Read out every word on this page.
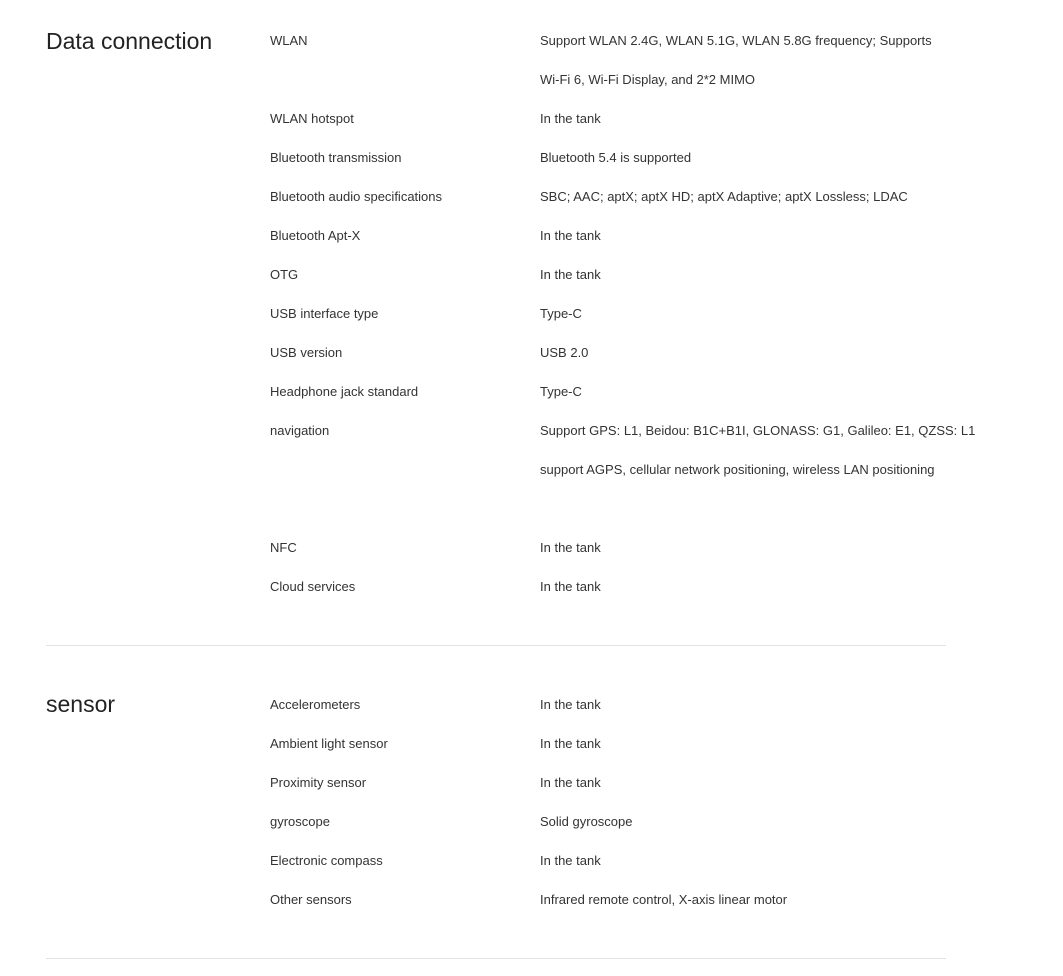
Data connection	WLAN	Support WLAN 2.4G, WLAN 5.1G, WLAN 5.8G frequency; Supports
Wi-Fi 6, Wi-Fi Display, and 2*2 MIMO
WLAN hotspot	In the tank
Bluetooth transmission	Bluetooth 5.4 is supported
Bluetooth audio specifications	SBC; AAC; aptX; aptX HD; aptX Adaptive; aptX Lossless; LDAC
Bluetooth Apt-X	In the tank
OTG	In the tank
USB interface type	Type-C
USB version	USB 2.0
Headphone jack standard	Type-C
navigation	Support GPS: L1, Beidou: B1C+B1I, GLONASS: G1, Galileo: E1, QZSS: L1
support AGPS, cellular network positioning, wireless LAN positioning
NFC	In the tank
Cloud services	In the tank
sensor	Accelerometers	In the tank
Ambient light sensor	In the tank
Proximity sensor	In the tank
gyroscope	Solid gyroscope
Electronic compass	In the tank
Other sensors	Infrared remote control, X-axis linear motor
